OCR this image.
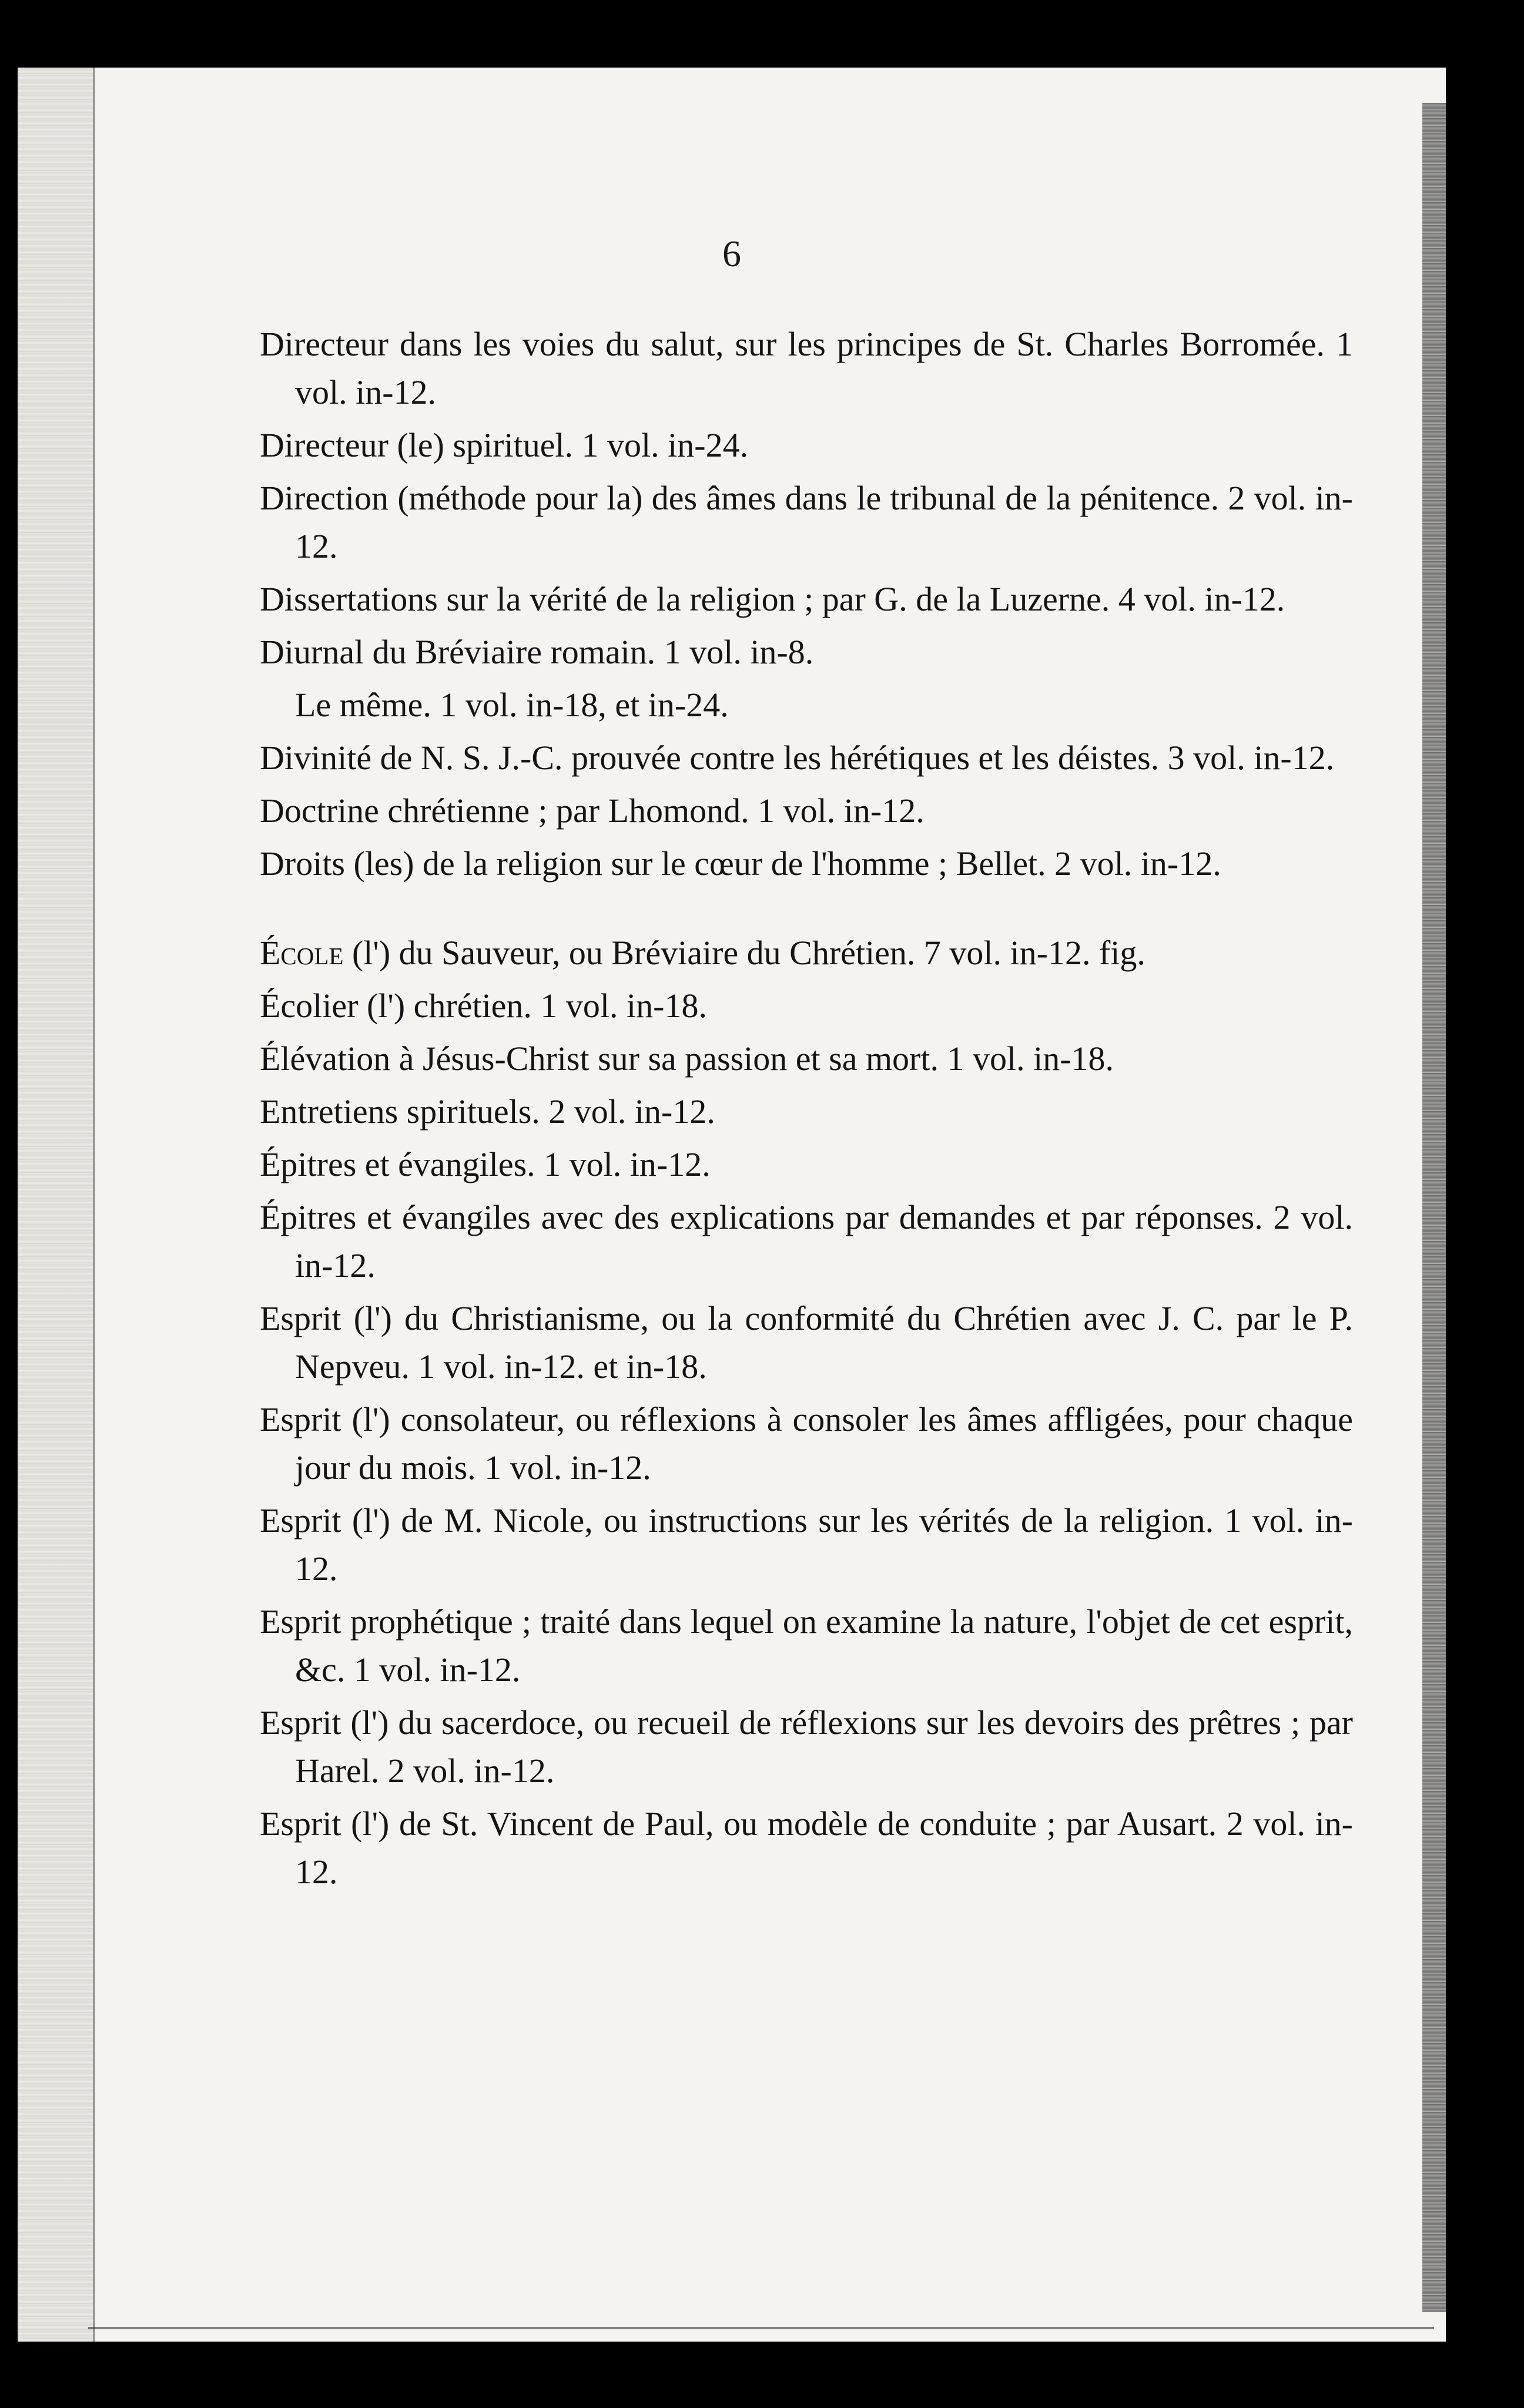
6

Directeur dans les voies du salut, sur les principes de St. Charles Borromée. 1 vol. in-12.

Directeur (le) spirituel. 1 vol. in-24.

Direction (méthode pour la) des âmes dans le tribunal de la pénitence. 2 vol. in-12.

Dissertations sur la vérité de la religion ; par G. de la Luzerne. 4 vol. in-12.

Diurnal du Bréviaire romain. 1 vol. in-8.

Le même. 1 vol. in-18, et in-24.

Divinité de N. S. J.-C. prouvée contre les hérétiques et les déistes. 3 vol. in-12.

Doctrine chrétienne ; par Lhomond. 1 vol. in-12.

Droits (les) de la religion sur le cœur de l'homme ; Bellet. 2 vol. in-12.

École (l') du Sauveur, ou Bréviaire du Chrétien. 7 vol. in-12. fig.

Écolier (l') chrétien. 1 vol. in-18.

Élévation à Jésus-Christ sur sa passion et sa mort. 1 vol. in-18.

Entretiens spirituels. 2 vol. in-12.

Épitres et évangiles. 1 vol. in-12.

Épitres et évangiles avec des explications par demandes et par réponses. 2 vol. in-12.

Esprit (l') du Christianisme, ou la conformité du Chrétien avec J. C. par le P. Nepveu. 1 vol. in-12. et in-18.

Esprit (l') consolateur, ou réflexions à consoler les âmes affligées, pour chaque jour du mois. 1 vol. in-12.

Esprit (l') de M. Nicole, ou instructions sur les vérités de la religion. 1 vol. in-12.

Esprit prophétique ; traité dans lequel on examine la nature, l'objet de cet esprit, &c. 1 vol. in-12.

Esprit (l') du sacerdoce, ou recueil de réflexions sur les devoirs des prêtres ; par Harel. 2 vol. in-12.

Esprit (l') de St. Vincent de Paul, ou modèle de conduite ; par Ausart. 2 vol. in-12.
